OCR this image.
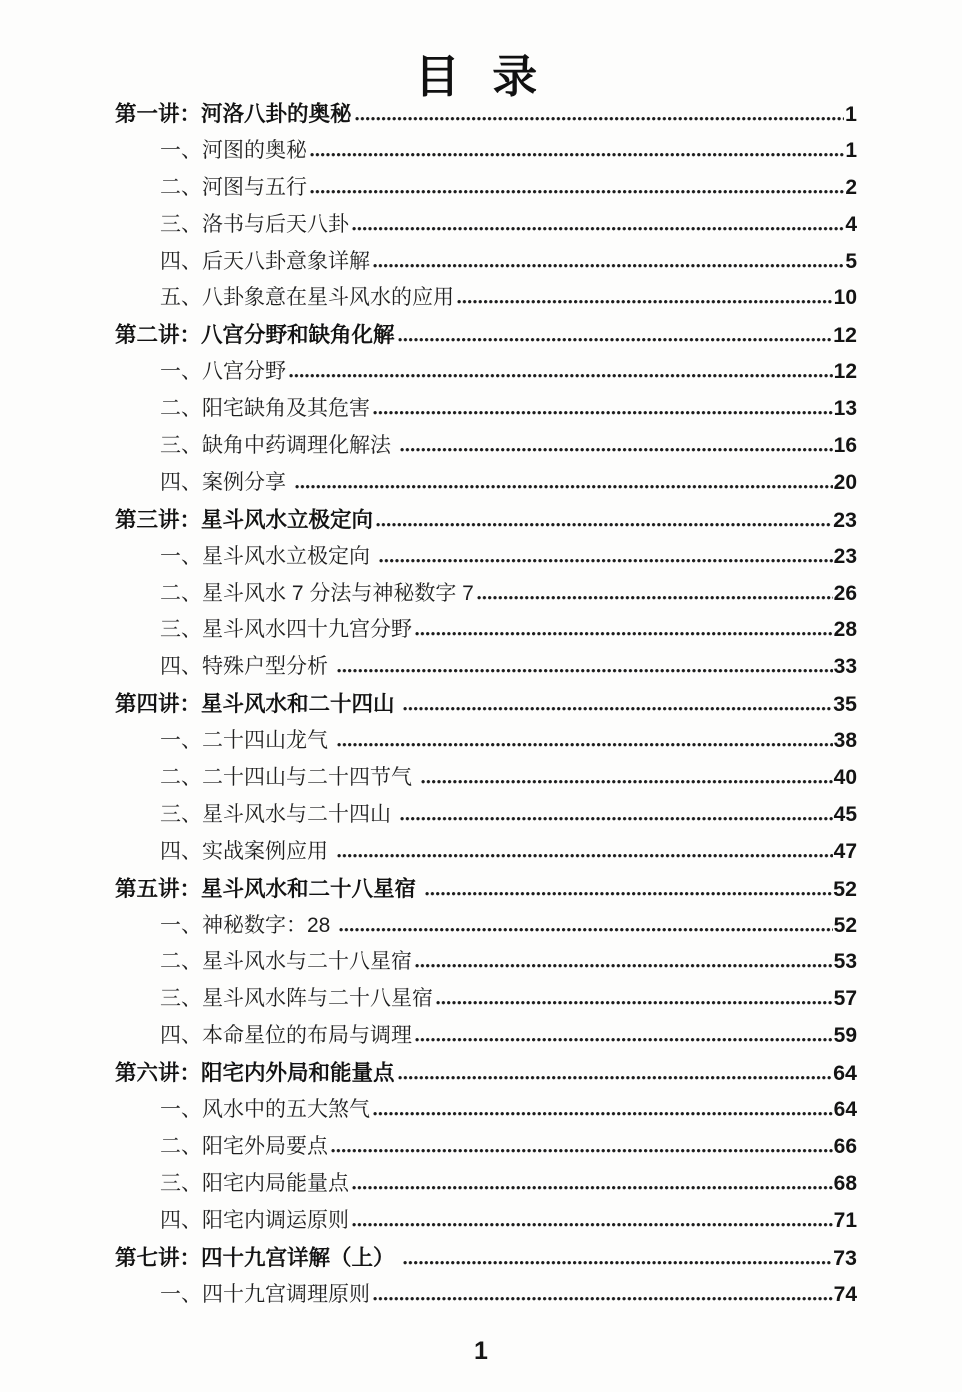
目 录
第一讲：河洛八卦的奥秘	1
一、河图的奥秘	1
二、河图与五行	2
三、洛书与后天八卦	4
四、后天八卦意象详解	5
五、八卦象意在星斗风水的应用	10
第二讲：八宫分野和缺角化解	12
一、八宫分野	12
二、阳宅缺角及其危害	13
三、缺角中药调理化解法	16
四、案例分享	20
第三讲：星斗风水立极定向	23
一、星斗风水立极定向	23
二、星斗风水 7 分法与神秘数字 7	26
三、星斗风水四十九宫分野	28
四、特殊户型分析	33
第四讲：星斗风水和二十四山	35
一、二十四山龙气	38
二、二十四山与二十四节气	40
三、星斗风水与二十四山	45
四、实战案例应用	47
第五讲：星斗风水和二十八星宿	52
一、神秘数字：28	52
二、星斗风水与二十八星宿	53
三、星斗风水阵与二十八星宿	57
四、本命星位的布局与调理	59
第六讲：阳宅内外局和能量点	64
一、风水中的五大煞气	64
二、阳宅外局要点	66
三、阳宅内局能量点	68
四、阳宅内调运原则	71
第七讲：四十九宫详解（上）	73
一、四十九宫调理原则	74
1
